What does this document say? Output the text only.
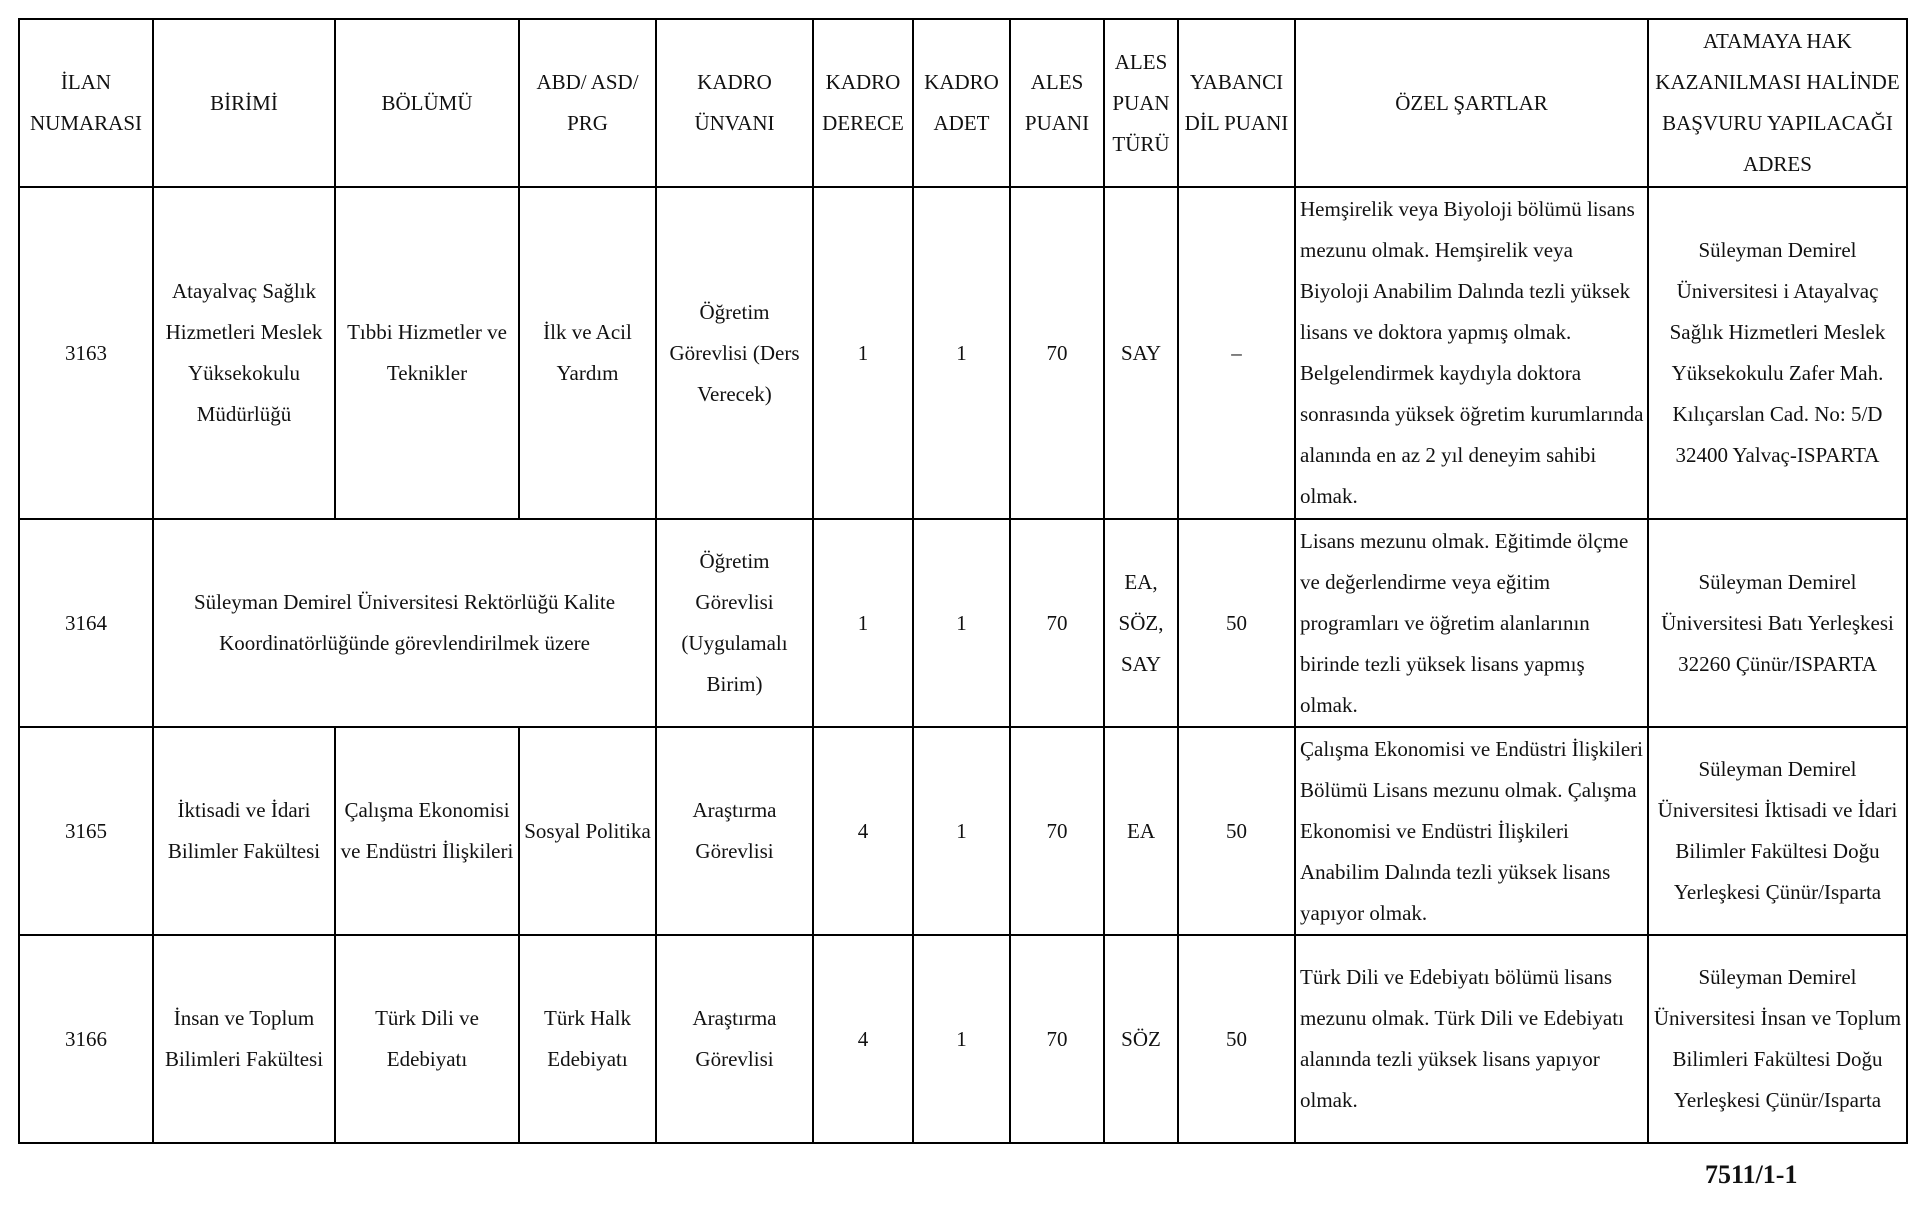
İLAN NUMARASI	BİRİMİ	BÖLÜMÜ	ABD/ ASD/ PRG	KADRO ÜNVANI	KADRO DERECE	KADRO ADET	ALES PUANI	ALES PUAN TÜRÜ	YABANCI DİL PUANI	ÖZEL ŞARTLAR	ATAMAYA HAK KAZANILMASI HALİNDE BAŞVURU YAPILACAĞI ADRES
3163	Atayalvaç Sağlık Hizmetleri Meslek Yüksekokulu Müdürlüğü	Tıbbi Hizmetler ve Teknikler	İlk ve Acil Yardım	Öğretim Görevlisi (Ders Verecek)	1	1	70	SAY	–	Hemşirelik veya Biyoloji bölümü lisans mezunu olmak. Hemşirelik veya Biyoloji Anabilim Dalında tezli yüksek lisans ve doktora yapmış olmak. Belgelendirmek kaydıyla doktora sonrasında yüksek öğretim kurumlarında alanında en az 2 yıl deneyim sahibi olmak.	Süleyman Demirel Üniversitesi i Atayalvaç Sağlık Hizmetleri Meslek Yüksekokulu Zafer Mah. Kılıçarslan Cad. No: 5/D 32400 Yalvaç-ISPARTA
3164	Süleyman Demirel Üniversitesi Rektörlüğü Kalite Koordinatörlüğünde görevlendirilmek üzere			Öğretim Görevlisi (Uygulamalı Birim)	1	1	70	EA, SÖZ, SAY	50	Lisans mezunu olmak. Eğitimde ölçme ve değerlendirme veya eğitim programları ve öğretim alanlarının birinde tezli yüksek lisans yapmış olmak.	Süleyman Demirel Üniversitesi Batı Yerleşkesi 32260 Çünür/ISPARTA
3165	İktisadi ve İdari Bilimler Fakültesi	Çalışma Ekonomisi ve Endüstri İlişkileri	Sosyal Politika	Araştırma Görevlisi	4	1	70	EA	50	Çalışma Ekonomisi ve Endüstri İlişkileri Bölümü Lisans mezunu olmak. Çalışma Ekonomisi ve Endüstri İlişkileri Anabilim Dalında tezli yüksek lisans yapıyor olmak.	Süleyman Demirel Üniversitesi İktisadi ve İdari Bilimler Fakültesi Doğu Yerleşkesi Çünür/Isparta
3166	İnsan ve Toplum Bilimleri Fakültesi	Türk Dili ve Edebiyatı	Türk Halk Edebiyatı	Araştırma Görevlisi	4	1	70	SÖZ	50	Türk Dili ve Edebiyatı bölümü lisans mezunu olmak. Türk Dili ve Edebiyatı alanında tezli yüksek lisans yapıyor olmak.	Süleyman Demirel Üniversitesi İnsan ve Toplum Bilimleri Fakültesi Doğu Yerleşkesi Çünür/Isparta
7511/1-1
